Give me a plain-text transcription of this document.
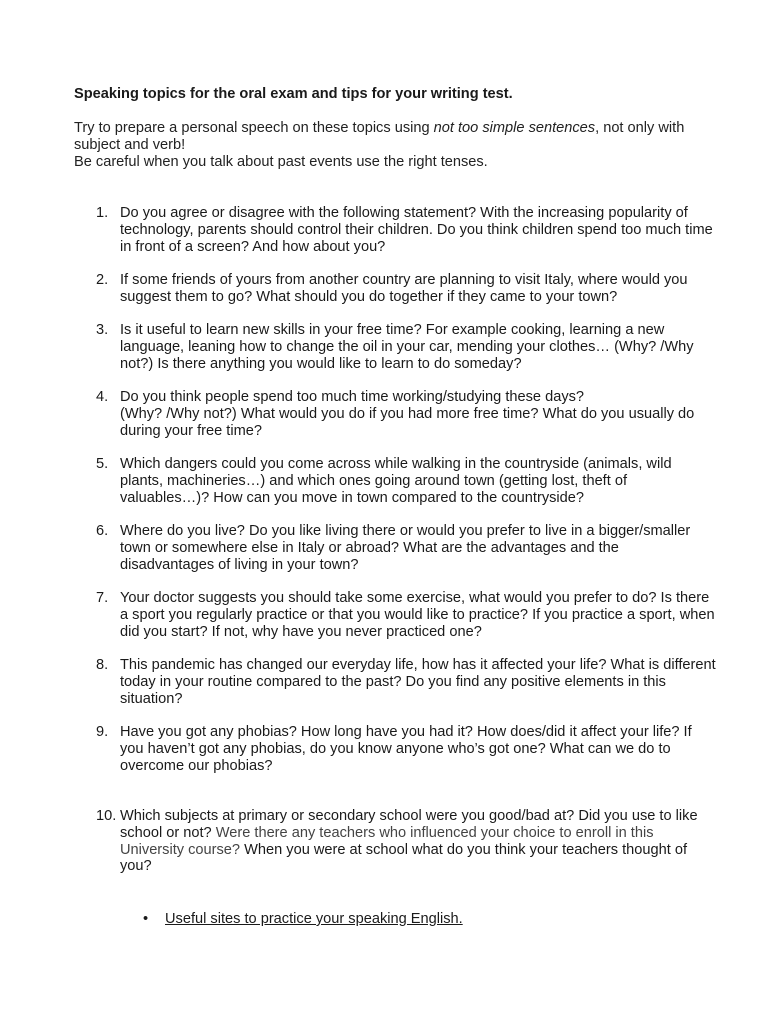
Speaking topics for the oral exam and tips for your writing test.

Try to prepare a personal speech on these topics using not too simple sentences, not only with subject and verb!

Be careful when you talk about past events use the right tenses.

1. Do you agree or disagree with the following statement? With the increasing popularity of technology, parents should control their children. Do you think children spend too much time in front of a screen? And how about you?
2. If some friends of yours from another country are planning to visit Italy, where would you suggest them to go? What should you do together if they came to your town?
3. Is it useful to learn new skills in your free time? For example cooking, learning a new language, leaning how to change the oil in your car, mending your clothes… (Why? /Why not?) Is there anything you would like to learn to do someday?
4. Do you think people spend too much time working/studying these days?
(Why? /Why not?) What would you do if you had more free time? What do you usually do during your free time?
5. Which dangers could you come across while walking in the countryside (animals, wild plants, machineries…) and which ones going around town (getting lost, theft of valuables…)? How can you move in town compared to the countryside?
6. Where do you live? Do you like living there or would you prefer to live in a bigger/smaller town or somewhere else in Italy or abroad? What are the advantages and the disadvantages of living in your town?
7. Your doctor suggests you should take some exercise, what would you prefer to do? Is there a sport you regularly practice or that you would like to practice? If you practice a sport, when did you start? If not, why have you never practiced one?
8. This pandemic has changed our everyday life, how has it affected your life? What is different today in your routine compared to the past? Do you find any positive elements in this situation?
9. Have you got any phobias? How long have you had it? How does/did it affect your life? If you haven’t got any phobias, do you know anyone who’s got one? What can we do to overcome our phobias?
10. Which subjects at primary or secondary school were you good/bad at? Did you use to like school or not? Were there any teachers who influenced your choice to enroll in this University course? When you were at school what do you think your teachers thought of you?
• Useful sites to practice your speaking English.
